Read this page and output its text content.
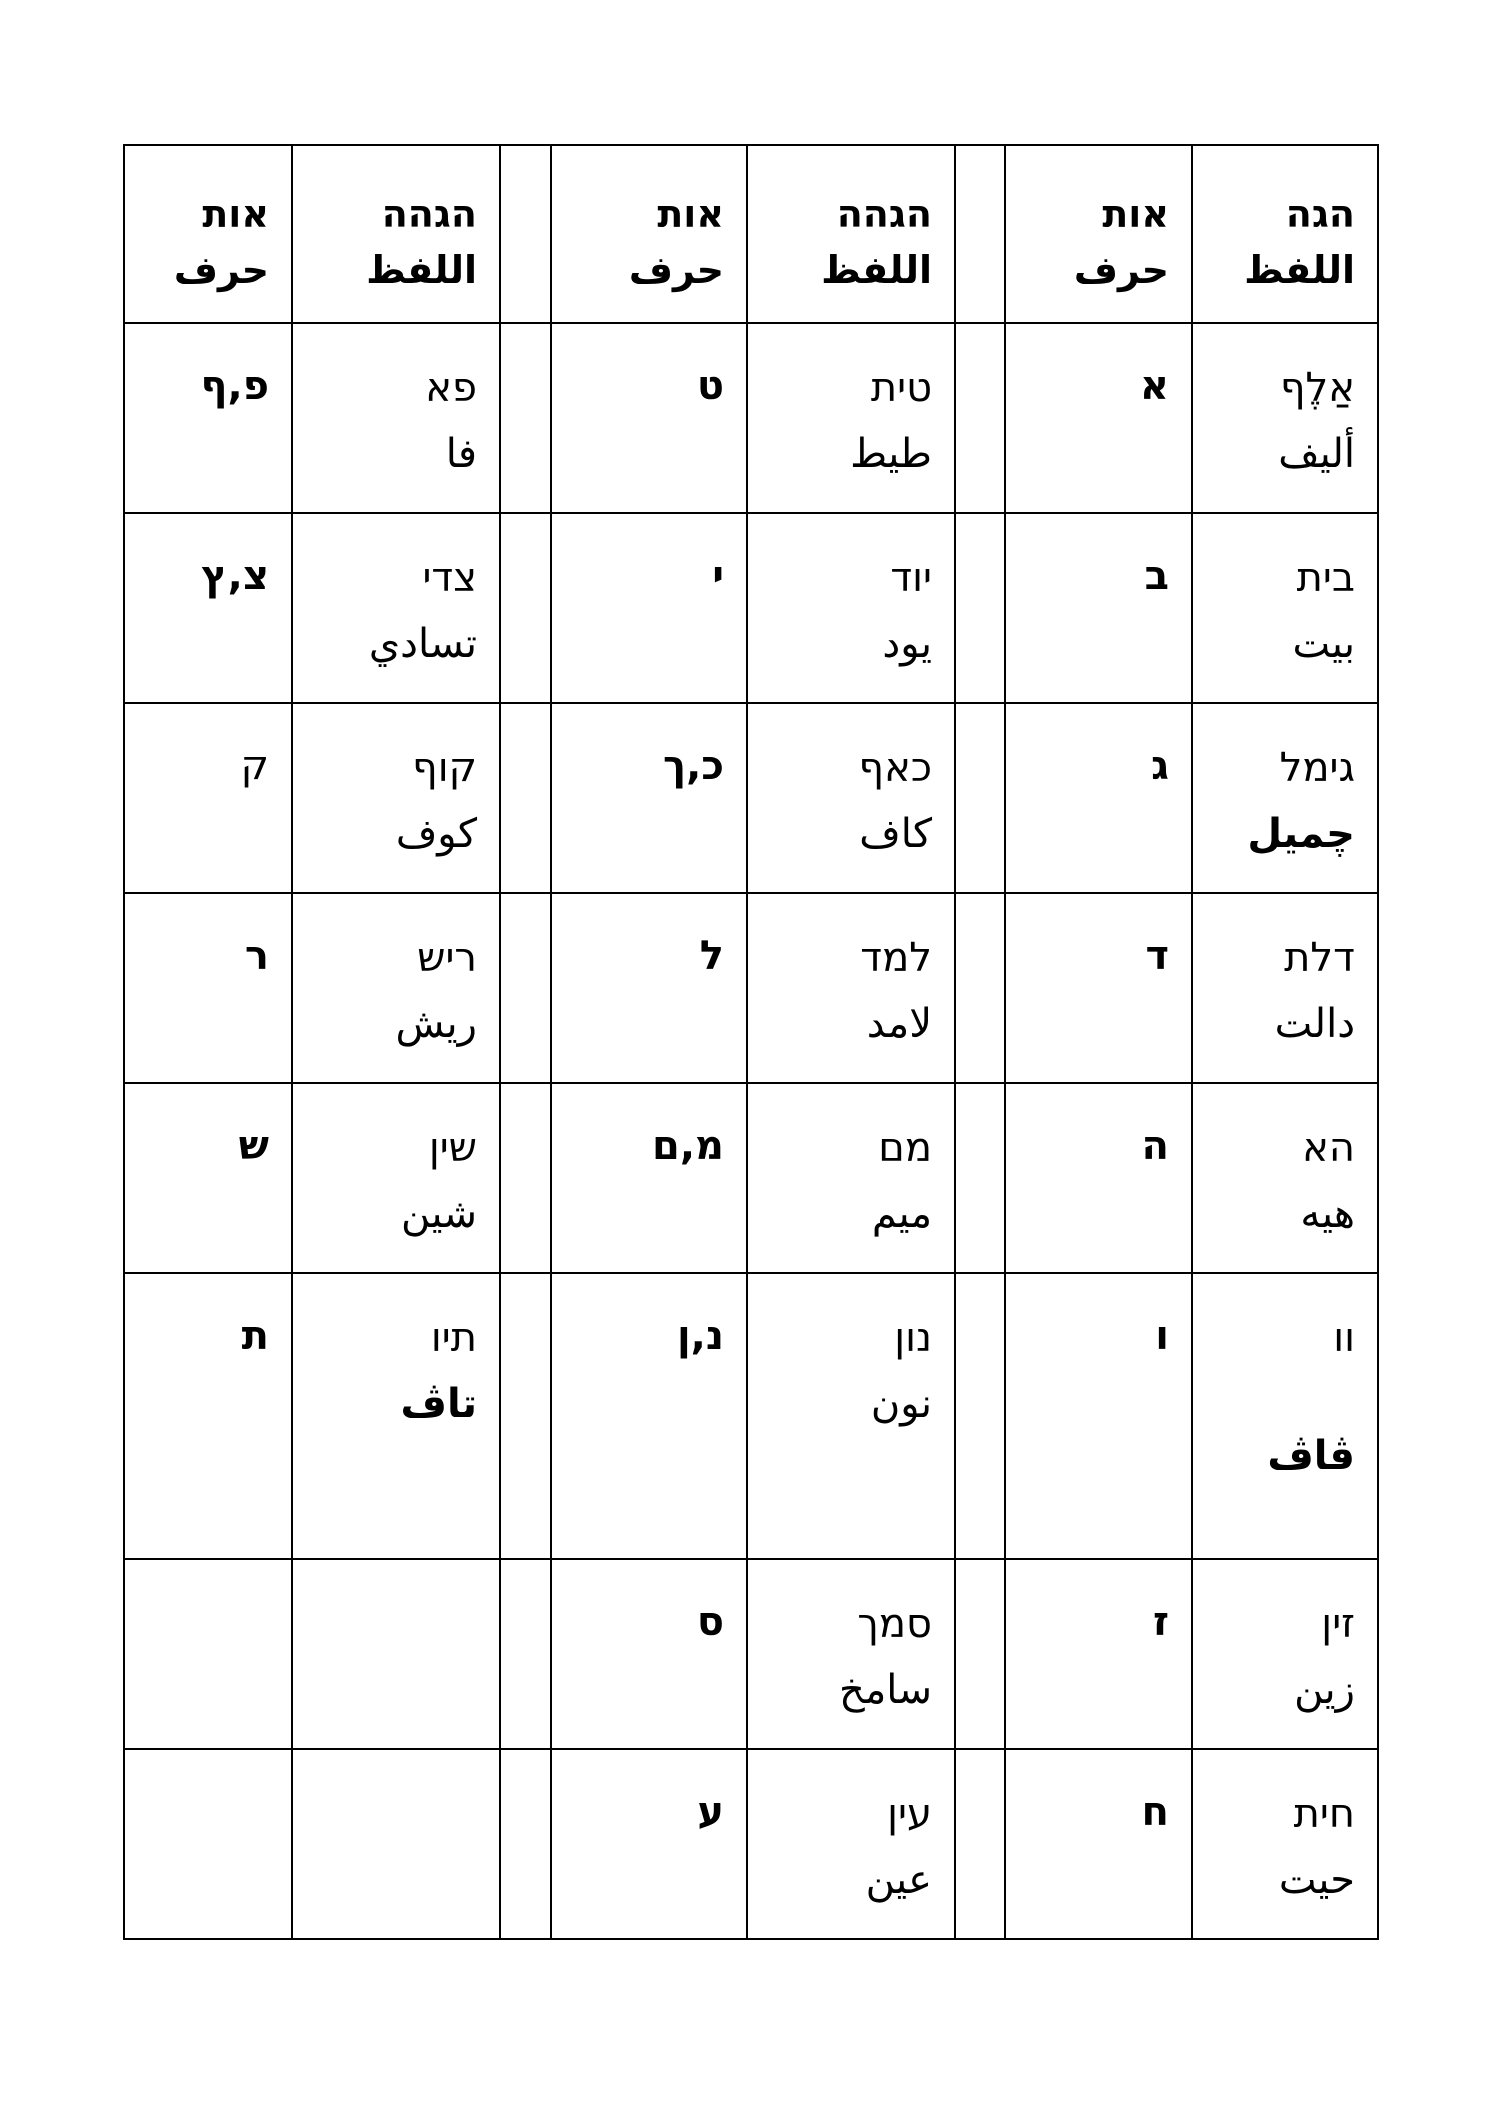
אות
حرف	הגהה
اللفظ		אות
حرف	הגהה
اللفظ		אות
حرف	הגה
اللفظ

פ,ף	פא
فا		ט	טית
طيط		א	אַלֶף
أليف

צ,ץ	צדי
تسادي		י	יוד
يود		ב	בית
بيت

ק	קוף
كوف		כ,ך	כאף
كاف		ג	גימל
چميل

ר	ריש
ريش		ל	למד
لامد		ד	דלת
دالت

ש	שין
شين		מ,ם	מם
ميم		ה	הא
هيه

ת	תיו
تاڤ		נ,ן	נון
نون		ו	וו
ڤاڤ

			ס	סמך
سامخ		ז	זין
زين

			ע	עין
عين		ח	חית
حيت
